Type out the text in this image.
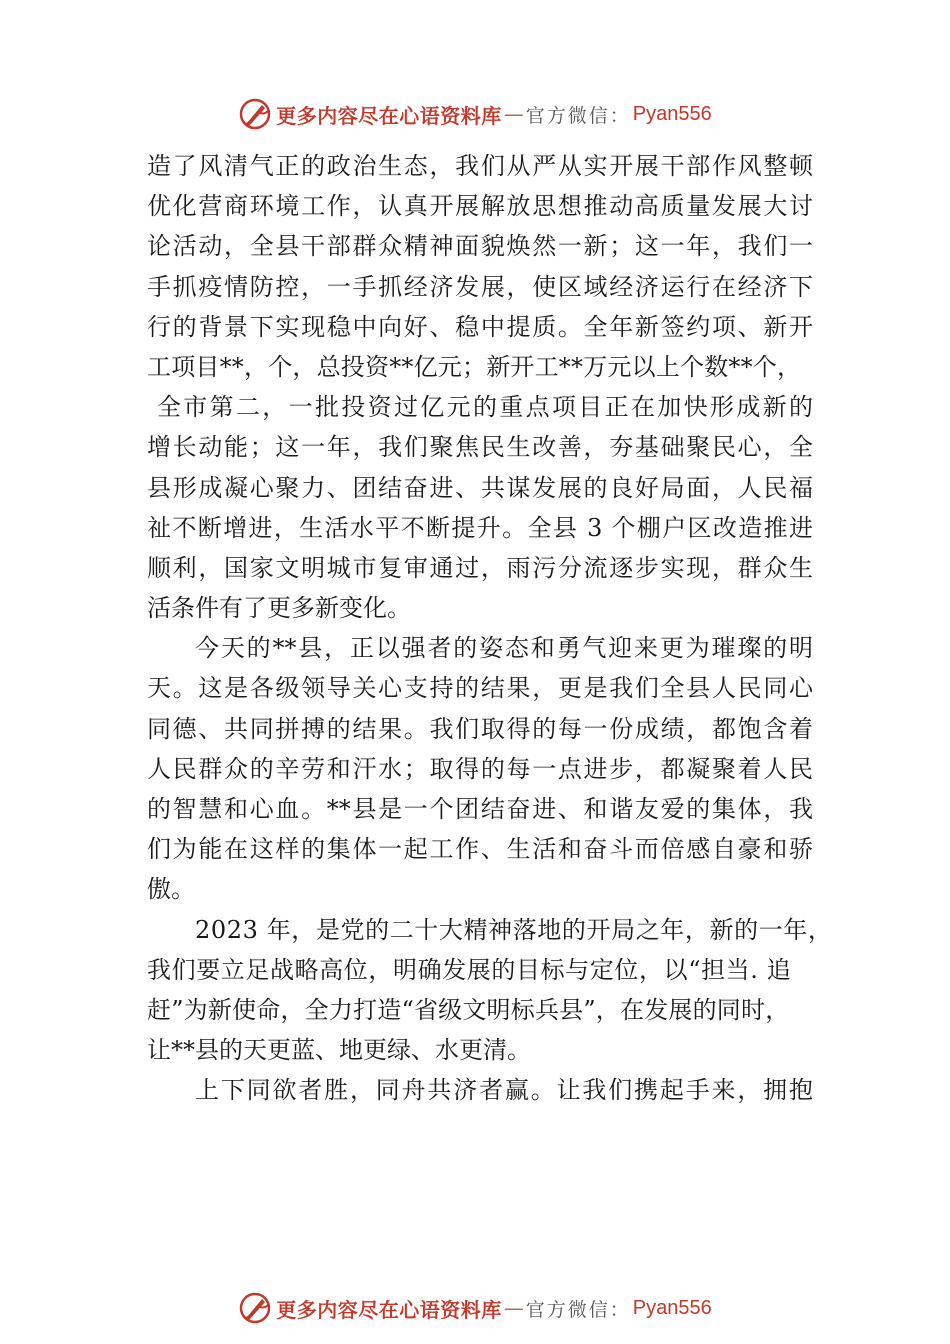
更多内容尽在心语资料库 — 官方微信： Pyan556

造了风清气正的政治生态，我们从严从实开展干部作风整顿
优化营商环境工作，认真开展解放思想推动高质量发展大讨
论活动，全县干部群众精神面貌焕然一新；这一年，我们一
手抓疫情防控，一手抓经济发展，使区域经济运行在经济下
行的背景下实现稳中向好、稳中提质。全年新签约项、新开
工项目**，个，总投资**亿元；新开工**万元以上个数**个，
全市第二，一批投资过亿元的重点项目正在加快形成新的
增长动能；这一年，我们聚焦民生改善，夯基础聚民心，全
县形成凝心聚力、团结奋进、共谋发展的良好局面，人民福
祉不断增进，生活水平不断提升。全县 3 个棚户区改造推进
顺利，国家文明城市复审通过，雨污分流逐步实现，群众生
活条件有了更多新变化。

今天的**县，正以强者的姿态和勇气迎来更为璀璨的明
天。这是各级领导关心支持的结果，更是我们全县人民同心
同德、共同拼搏的结果。我们取得的每一份成绩，都饱含着
人民群众的辛劳和汗水；取得的每一点进步，都凝聚着人民
的智慧和心血。**县是一个团结奋进、和谐友爱的集体，我
们为能在这样的集体一起工作、生活和奋斗而倍感自豪和骄
傲。

2023 年，是党的二十大精神落地的开局之年，新的一年，
我们要立足战略高位，明确发展的目标与定位，以“担当. 追
赶”为新使命，全力打造“省级文明标兵县”，在发展的同时，
让**县的天更蓝、地更绿、水更清。

上下同欲者胜，同舟共济者赢。让我们携起手来，拥抱

更多内容尽在心语资料库 — 官方微信： Pyan556
